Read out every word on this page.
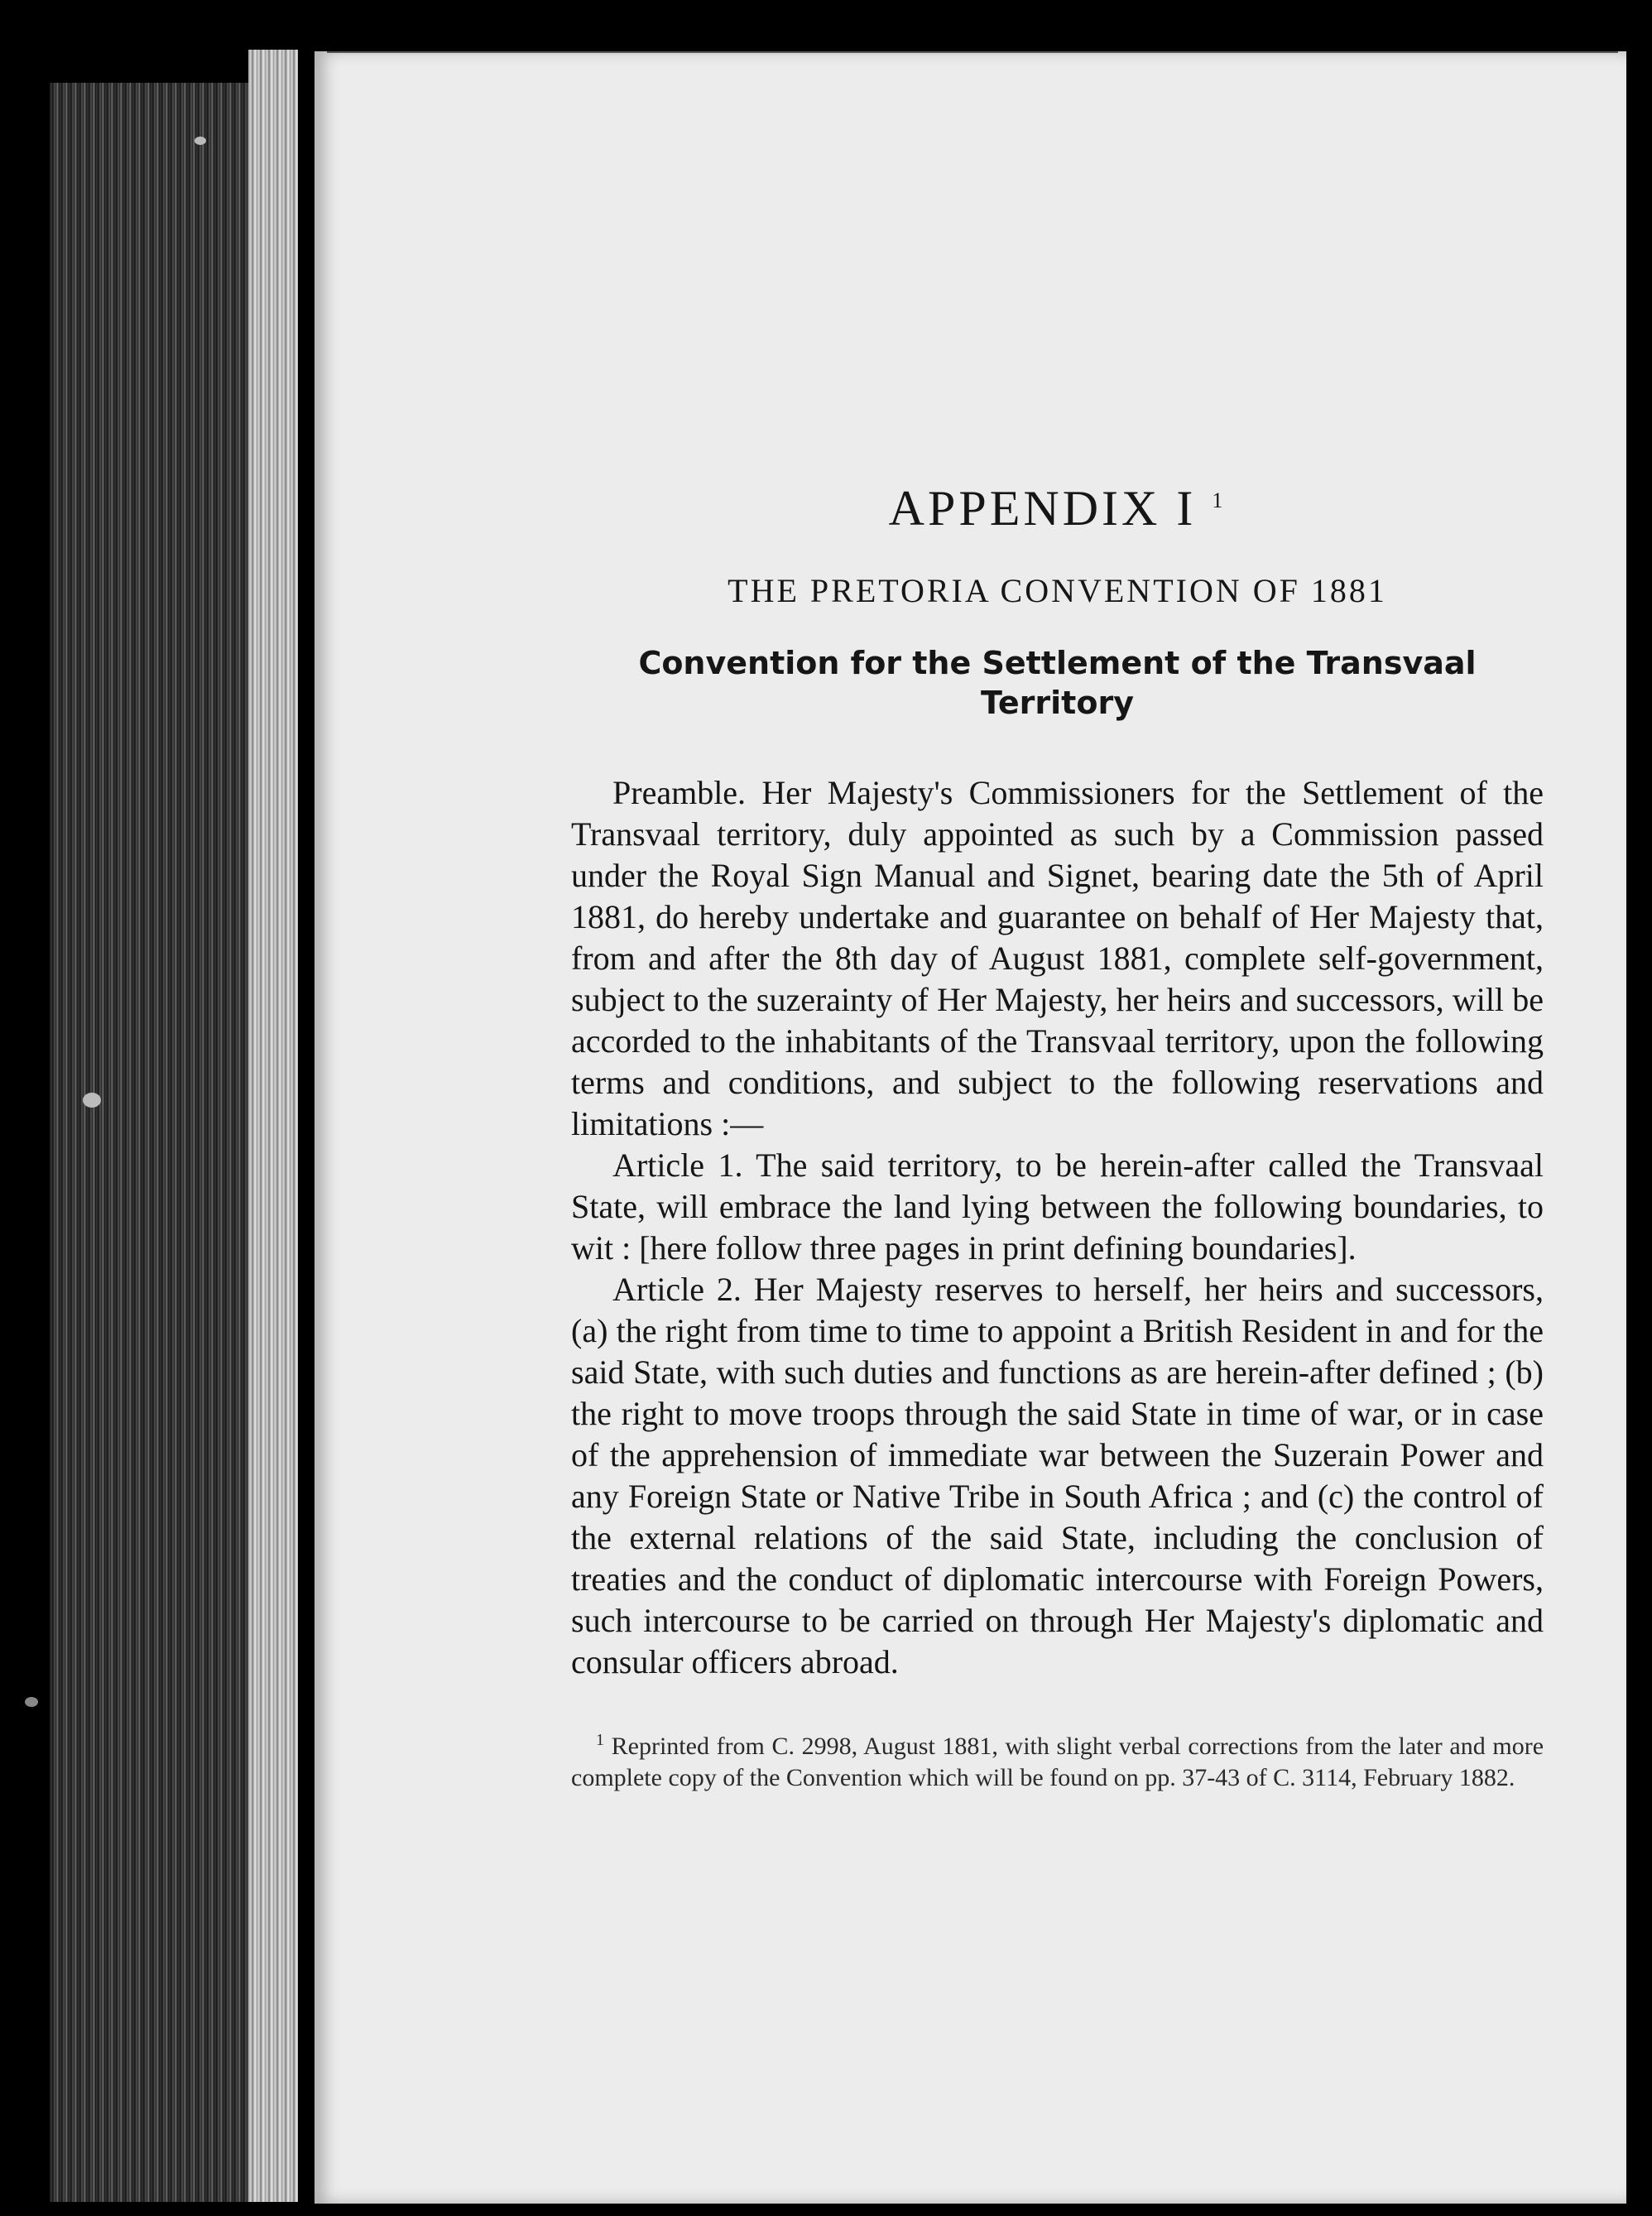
APPENDIX I $^1$
THE PRETORIA CONVENTION OF 1881
Convention for the Settlement of the Transvaal Territory

Preamble. Her Majesty's Commissioners for the Settlement of the Transvaal territory, duly appointed as such by a Commission passed under the Royal Sign Manual and Signet, bearing date the 5th of April 1881, do hereby undertake and guarantee on behalf of Her Majesty that, from and after the 8th day of August 1881, complete self-government, subject to the suzerainty of Her Majesty, her heirs and successors, will be accorded to the inhabitants of the Transvaal territory, upon the following terms and conditions, and subject to the following reservations and limitations :—

Article 1. The said territory, to be herein-after called the Transvaal State, will embrace the land lying between the following boundaries, to wit : [here follow three pages in print defining boundaries].

Article 2. Her Majesty reserves to herself, her heirs and successors, (a) the right from time to time to appoint a British Resident in and for the said State, with such duties and functions as are herein-after defined ; (b) the right to move troops through the said State in time of war, or in case of the apprehension of immediate war between the Suzerain Power and any Foreign State or Native Tribe in South Africa ; and (c) the control of the external relations of the said State, including the conclusion of treaties and the conduct of diplomatic intercourse with Foreign Powers, such intercourse to be carried on through Her Majesty's diplomatic and consular officers abroad.

$^1$ Reprinted from C. 2998, August 1881, with slight verbal corrections from the later and more complete copy of the Convention which will be found on pp. 37-43 of C. 3114, February 1882.
